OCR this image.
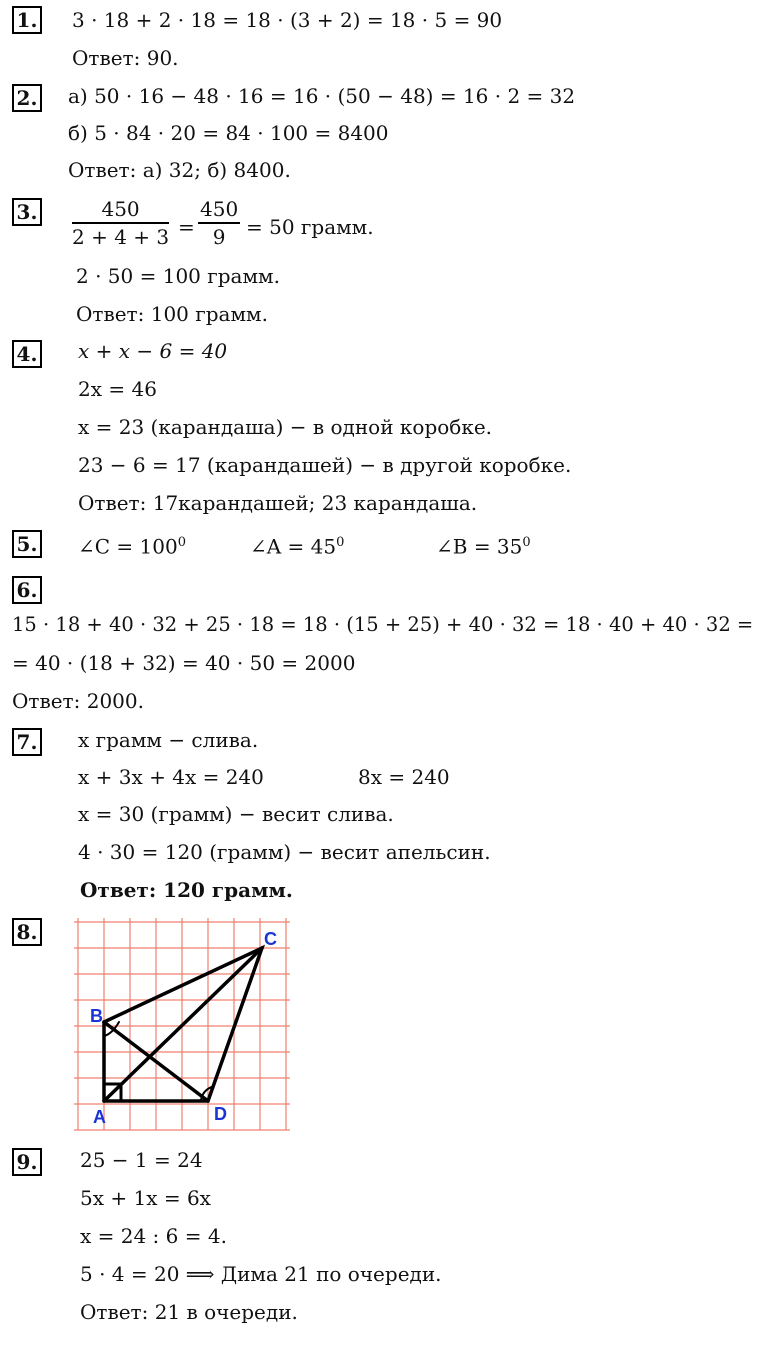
1. 3 · 18 + 2 · 18 = 18 · (3 + 2) = 18 · 5 = 90
Ответ: 90.
2. а) 50 · 16 − 48 · 16 = 16 · (50 − 48) = 16 · 2 = 32
б) 5 · 84 · 20 = 84 · 100 = 8400
Ответ: а) 32; б) 8400.
3. $\frac{450}{2 + 4 + 3} = \frac{450}{9} = 50$ грамм.
2 · 50 = 100 грамм.
Ответ: 100 грамм.
4. x + x − 6 = 40
2x = 46
x = 23 (карандаша) − в одной коробке.
23 − 6 = 17 (карандашей) − в другой коробке.
Ответ: 17карандашей; 23 карандаша.
5. ∠C = $100^0$	∠A = $45^0$	∠B = $35^0$
6.
15 · 18 + 40 · 32 + 25 · 18 = 18 · (15 + 25) + 40 · 32 = 18 · 40 + 40 · 32 =
= 40 · (18 + 32) = 40 · 50 = 2000
Ответ: 2000.
7. x грамм − слива.
x + 3x + 4x = 240	8x = 240
x = 30 (грамм) − весит слива.
4 · 30 = 120 (грамм) − весит апельсин.
Ответ: 120 грамм.
8.	C
B
A	D
9. 25 − 1 = 24
5x + 1x = 6x
x = 24 : 6 = 4.
5 · 4 = 20 ⟹ Дима 21 по очереди.
Ответ: 21 в очереди.
